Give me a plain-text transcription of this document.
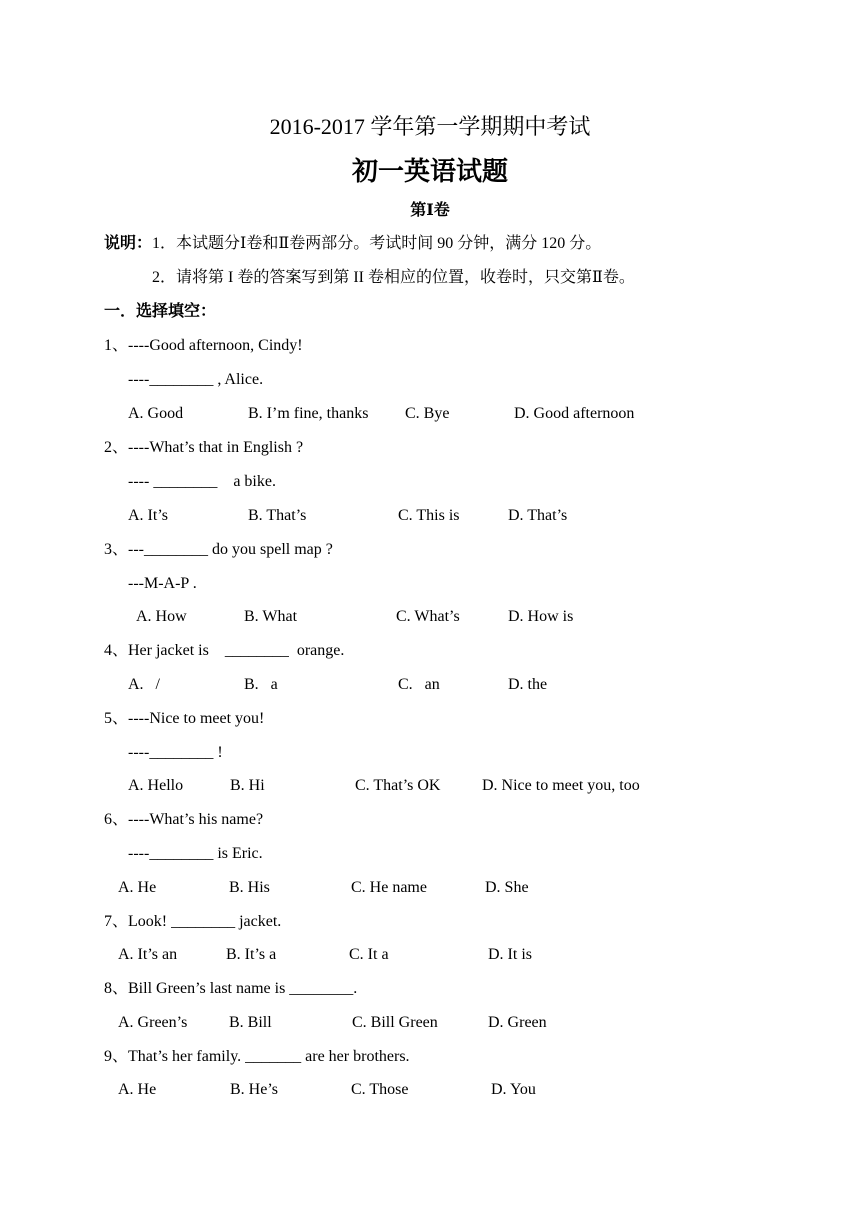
2016-2017 学年第一学期期中考试
初一英语试题
第Ⅰ卷
说明： 1．本试题分Ⅰ卷和Ⅱ卷两部分。考试时间 90 分钟，满分 120 分。
2．请将第 I 卷的答案写到第 II 卷相应的位置，收卷时，只交第Ⅱ卷。
一．选择填空：
1、----Good afternoon, Cindy!
----________ , Alice.
A. Good	B. I’m fine, thanks C. Bye	D. Good afternoon
2、----What’s that in English ?
---- ________    a bike.
A. It’s	B. That’s	C. This is	D. That’s
3、---________ do you spell map ?
---M-A-P .
A. How	B. What	C. What’s	D. How is
4、Her jacket is    ________  orange.
A.   /	B.   a	C.   an	D. the
5、----Nice to meet you!
----________ !
A. Hello	B. Hi	C. That’s OK	D. Nice to meet you, too
6、----What’s his name?
----________ is Eric.
A. He	B. His	C. He name	D. She
7、Look! ________ jacket.
A. It’s an	B. It’s a	C. It a	D. It is
8、Bill Green’s last name is ________.
A. Green’s	B. Bill	C. Bill Green	D. Green
9、That’s her family. _______ are her brothers.
A. He	B. He’s	C. Those	D. You
